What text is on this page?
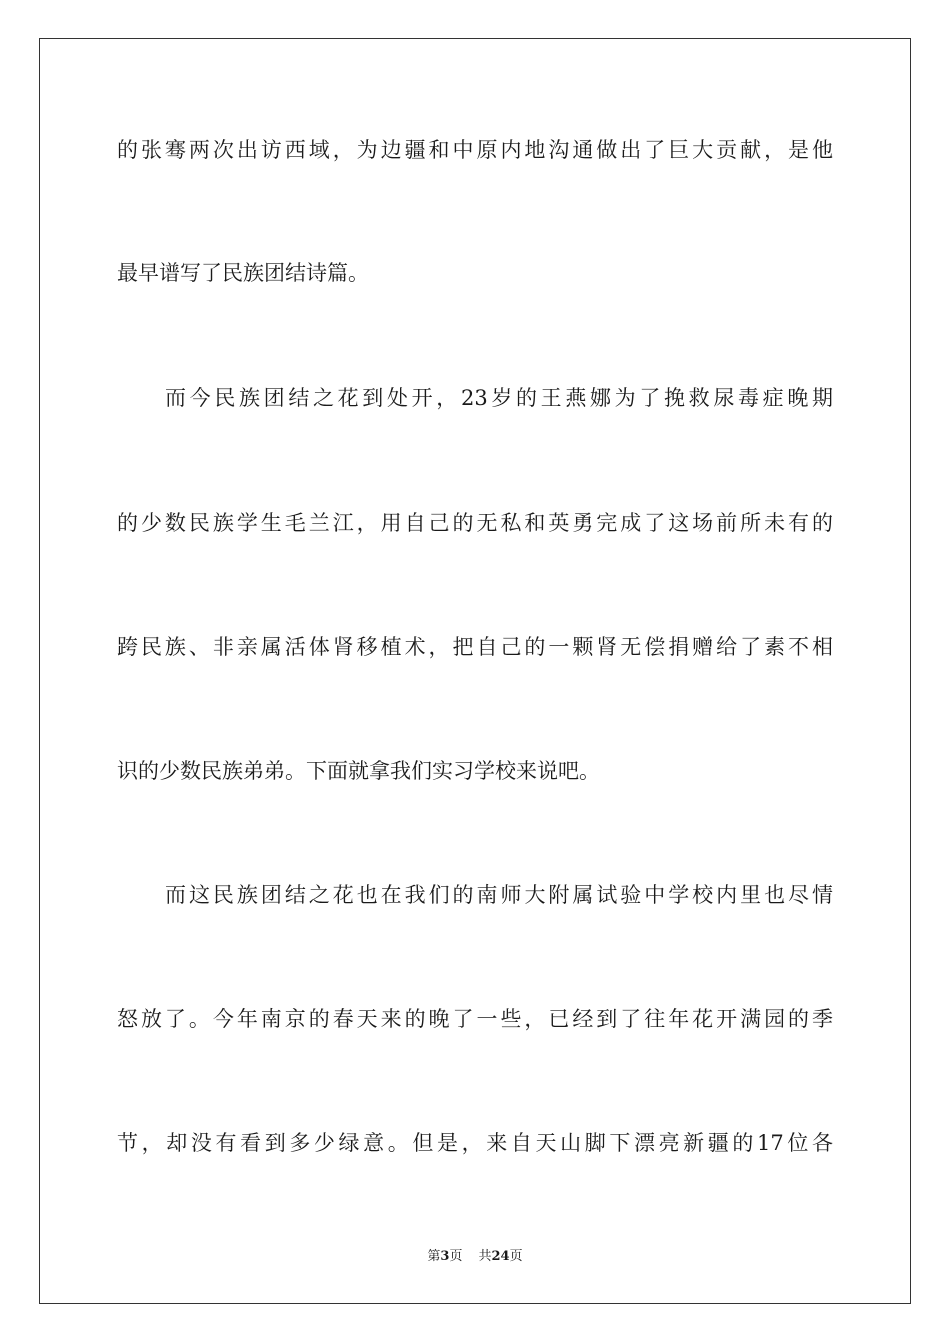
的张骞两次出访西域，为边疆和中原内地沟通做出了巨大贡献，是他
最早谱写了民族团结诗篇。
而今民族团结之花到处开，23岁的王燕娜为了挽救尿毒症晚期
的少数民族学生毛兰江，用自己的无私和英勇完成了这场前所未有的
跨民族、非亲属活体肾移植术，把自己的一颗肾无偿捐赠给了素不相
识的少数民族弟弟。下面就拿我们实习学校来说吧。
而这民族团结之花也在我们的南师大附属试验中学校内里也尽情
怒放了。今年南京的春天来的晚了一些，已经到了往年花开满园的季
节，却没有看到多少绿意。但是，来自天山脚下漂亮新疆的17位各
第3页 共24页
